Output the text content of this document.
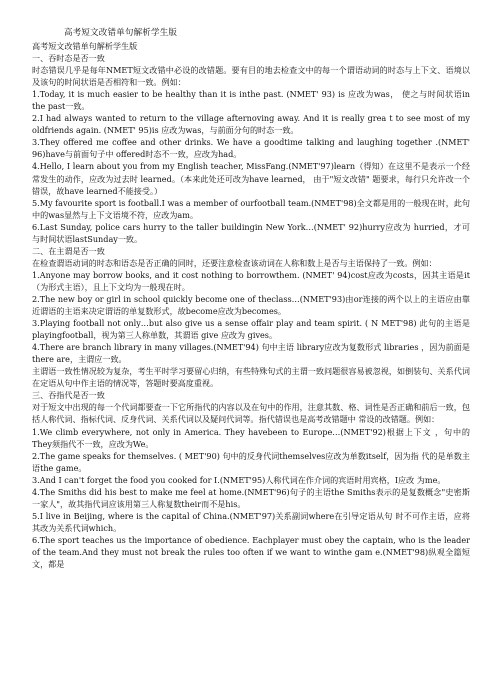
高考短文改错单句解析学生版

高考短文改错单句解析学生版

一、吞时态是否一致

时态错误几乎是每年NMET短文改错中必设的改错题。要有目的地去检查文中的每一个谓语动词的时态与上下文、语境以及该句的时间状语是否相符和一致。例如：

1.Today, it is much easier to be healthy than it is inthe past. (NMET' 93) is 应改为was， 使之与时间状语in the past一致。

2.I had always wanted to return to the village afternoving away. And it is really grea t to see most of my oldfriends again. (NMET' 95)is 应改为was，与前面分句的时态一致。

3.They offered me coffee and other drinks. We have a goodtime talking and laughing together .(NMET' 96)have与前面句子中 offered时态不一致，应改为had。

4.Hello, I learn about you from my English teacher, MissFang.(NMET'97)learn（得知）在这里不是表示一个经常发生的动作，应改为过去时 learned。（本来此处还可改为have learned， 由于"短文改错" 题要求，每行只允许改一个错误，故have learned不能接受。）

5.My favourite sport is football.I was a member of ourfootball team.(NMET'98)全文都是用的一般现在时，此句中的was显然与上下文语境不符，应改为am。

6.Last Sunday, police cars hurry to the taller buildingin New York…(NMET' 92)hurry应改为 hurried，才可与时间状语lastSunday一致。

二、在主谓是否一致

在检查谓语动词的时态和语态是否正确的同时，还要注意检查该动词在人称和数上是否与主语保持了一致。例如：

1.Anyone may borrow books, and it cost nothing to borrowthem. (NMET' 94)cost应改为costs，因其主语是it（为形式主语），且上下文均为一般现在时。

2.The new boy or girl in school quickly become one of theclass…(NMET'93)由or连接的两个以上的主语应由靠近谓语的主语来决定谓语的单复数形式，故become应改为becomes。

3.Playing football not only…but also give us a sense offair play and team spirit. ( N MET'98) 此句的主语是 playingfootball，视为第三人称单数，其谓语 give 应改为 gives。

4.There are branch library in many villages.(NMET'94) 句中主语 library应改为复数形式 libraries ，因为前面是 there are，主谓应一致。

主谓语一致性情况较为复杂，考生平时学习要留心归纳，有些特殊句式的主谓一致问题很容易被忽视，如倒装句、关系代词在定语从句中作主语的情况等，答题时要高度重视。

三、吞指代是否一致

对于短文中出现的每一个代词都要查一下它所指代的内容以及在句中的作用，注意其数、格、词性是否正确和前后一致，包括人称代词、指标代词、反身代词、关系代词以及疑问代词等。指代错误也是高考改错题中 常设的改错题。例如：

1.We climb everywhere, not only in America. They havebeen to Europe…(NMET'92)根据上下文 ，句中的They须指代不一致，应改为We。

2.The game speaks for themselves. ( MET'90) 句中的反身代词themselves应改为单数itself，因为指 代的是单数主语the game。

3.And I can't forget the food you cooked for I.(NMET'95)人称代词在作介词的宾语时用宾格，I应改 为me。

4.The Smiths did his best to make me feel at home.(NMET'96)句子的主语the Smiths表示的是复数概念"史密斯一家人"，故其指代词应该用第三人称复数their而不是his。

5.I live in Beijing, where is the capital of China.(NMET'97)关系副词where在引导定语从句 时不可作主语，应将其改为关系代词which。

6.The sport teaches us the importance of obedience. Eachplayer must obey the captain, who is the leader of the team.And they must not break the rules too often if we want to winthe gam e.(NMET'98)纵观全篇短文，都是
